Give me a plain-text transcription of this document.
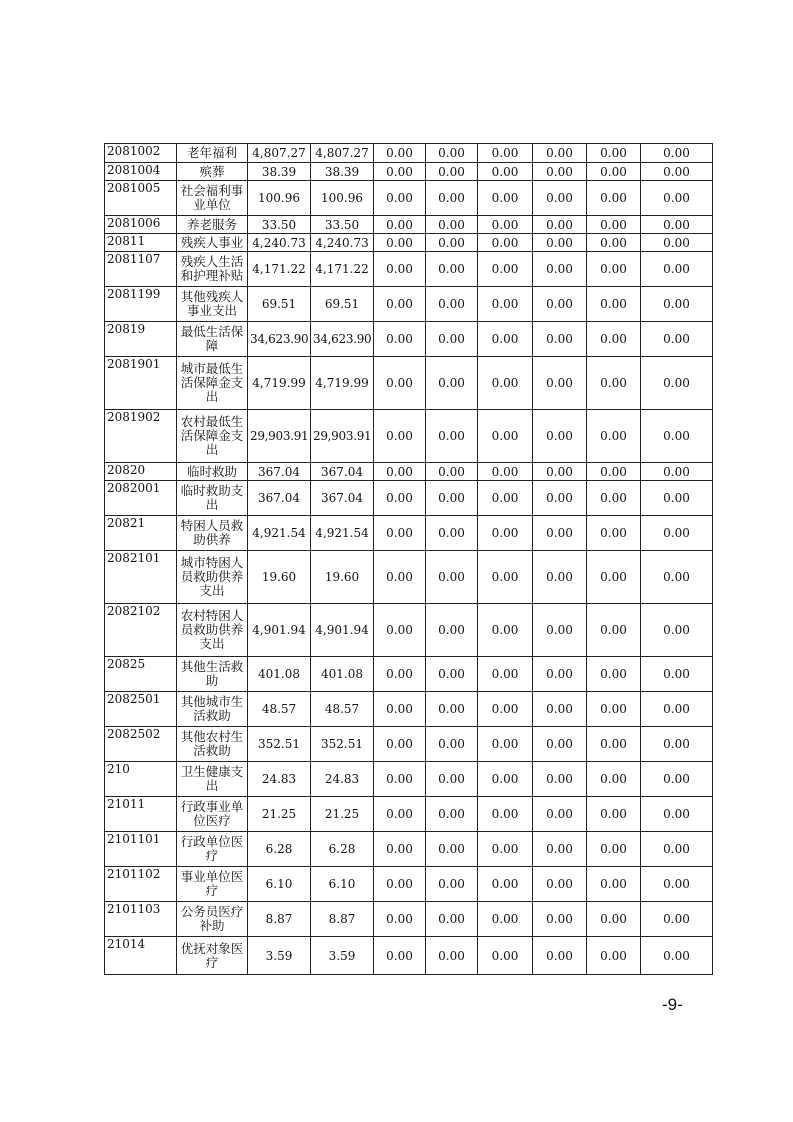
2081002	老年福利	4,807.27	4,807.27	0.00	0.00	0.00	0.00	0.00	0.00
2081004	殡葬	38.39	38.39	0.00	0.00	0.00	0.00	0.00	0.00
2081005	社会福利事业单位	100.96	100.96	0.00	0.00	0.00	0.00	0.00	0.00
2081006	养老服务	33.50	33.50	0.00	0.00	0.00	0.00	0.00	0.00
20811	残疾人事业	4,240.73	4,240.73	0.00	0.00	0.00	0.00	0.00	0.00
2081107	残疾人生活和护理补贴	4,171.22	4,171.22	0.00	0.00	0.00	0.00	0.00	0.00
2081199	其他残疾人事业支出	69.51	69.51	0.00	0.00	0.00	0.00	0.00	0.00
20819	最低生活保障	34,623.90	34,623.90	0.00	0.00	0.00	0.00	0.00	0.00
2081901	城市最低生活保障金支出	4,719.99	4,719.99	0.00	0.00	0.00	0.00	0.00	0.00
2081902	农村最低生活保障金支出	29,903.91	29,903.91	0.00	0.00	0.00	0.00	0.00	0.00
20820	临时救助	367.04	367.04	0.00	0.00	0.00	0.00	0.00	0.00
2082001	临时救助支出	367.04	367.04	0.00	0.00	0.00	0.00	0.00	0.00
20821	特困人员救助供养	4,921.54	4,921.54	0.00	0.00	0.00	0.00	0.00	0.00
2082101	城市特困人员救助供养支出	19.60	19.60	0.00	0.00	0.00	0.00	0.00	0.00
2082102	农村特困人员救助供养支出	4,901.94	4,901.94	0.00	0.00	0.00	0.00	0.00	0.00
20825	其他生活救助	401.08	401.08	0.00	0.00	0.00	0.00	0.00	0.00
2082501	其他城市生活救助	48.57	48.57	0.00	0.00	0.00	0.00	0.00	0.00
2082502	其他农村生活救助	352.51	352.51	0.00	0.00	0.00	0.00	0.00	0.00
210	卫生健康支出	24.83	24.83	0.00	0.00	0.00	0.00	0.00	0.00
21011	行政事业单位医疗	21.25	21.25	0.00	0.00	0.00	0.00	0.00	0.00
2101101	行政单位医疗	6.28	6.28	0.00	0.00	0.00	0.00	0.00	0.00
2101102	事业单位医疗	6.10	6.10	0.00	0.00	0.00	0.00	0.00	0.00
2101103	公务员医疗补助	8.87	8.87	0.00	0.00	0.00	0.00	0.00	0.00
21014	优抚对象医疗	3.59	3.59	0.00	0.00	0.00	0.00	0.00	0.00
-9-
